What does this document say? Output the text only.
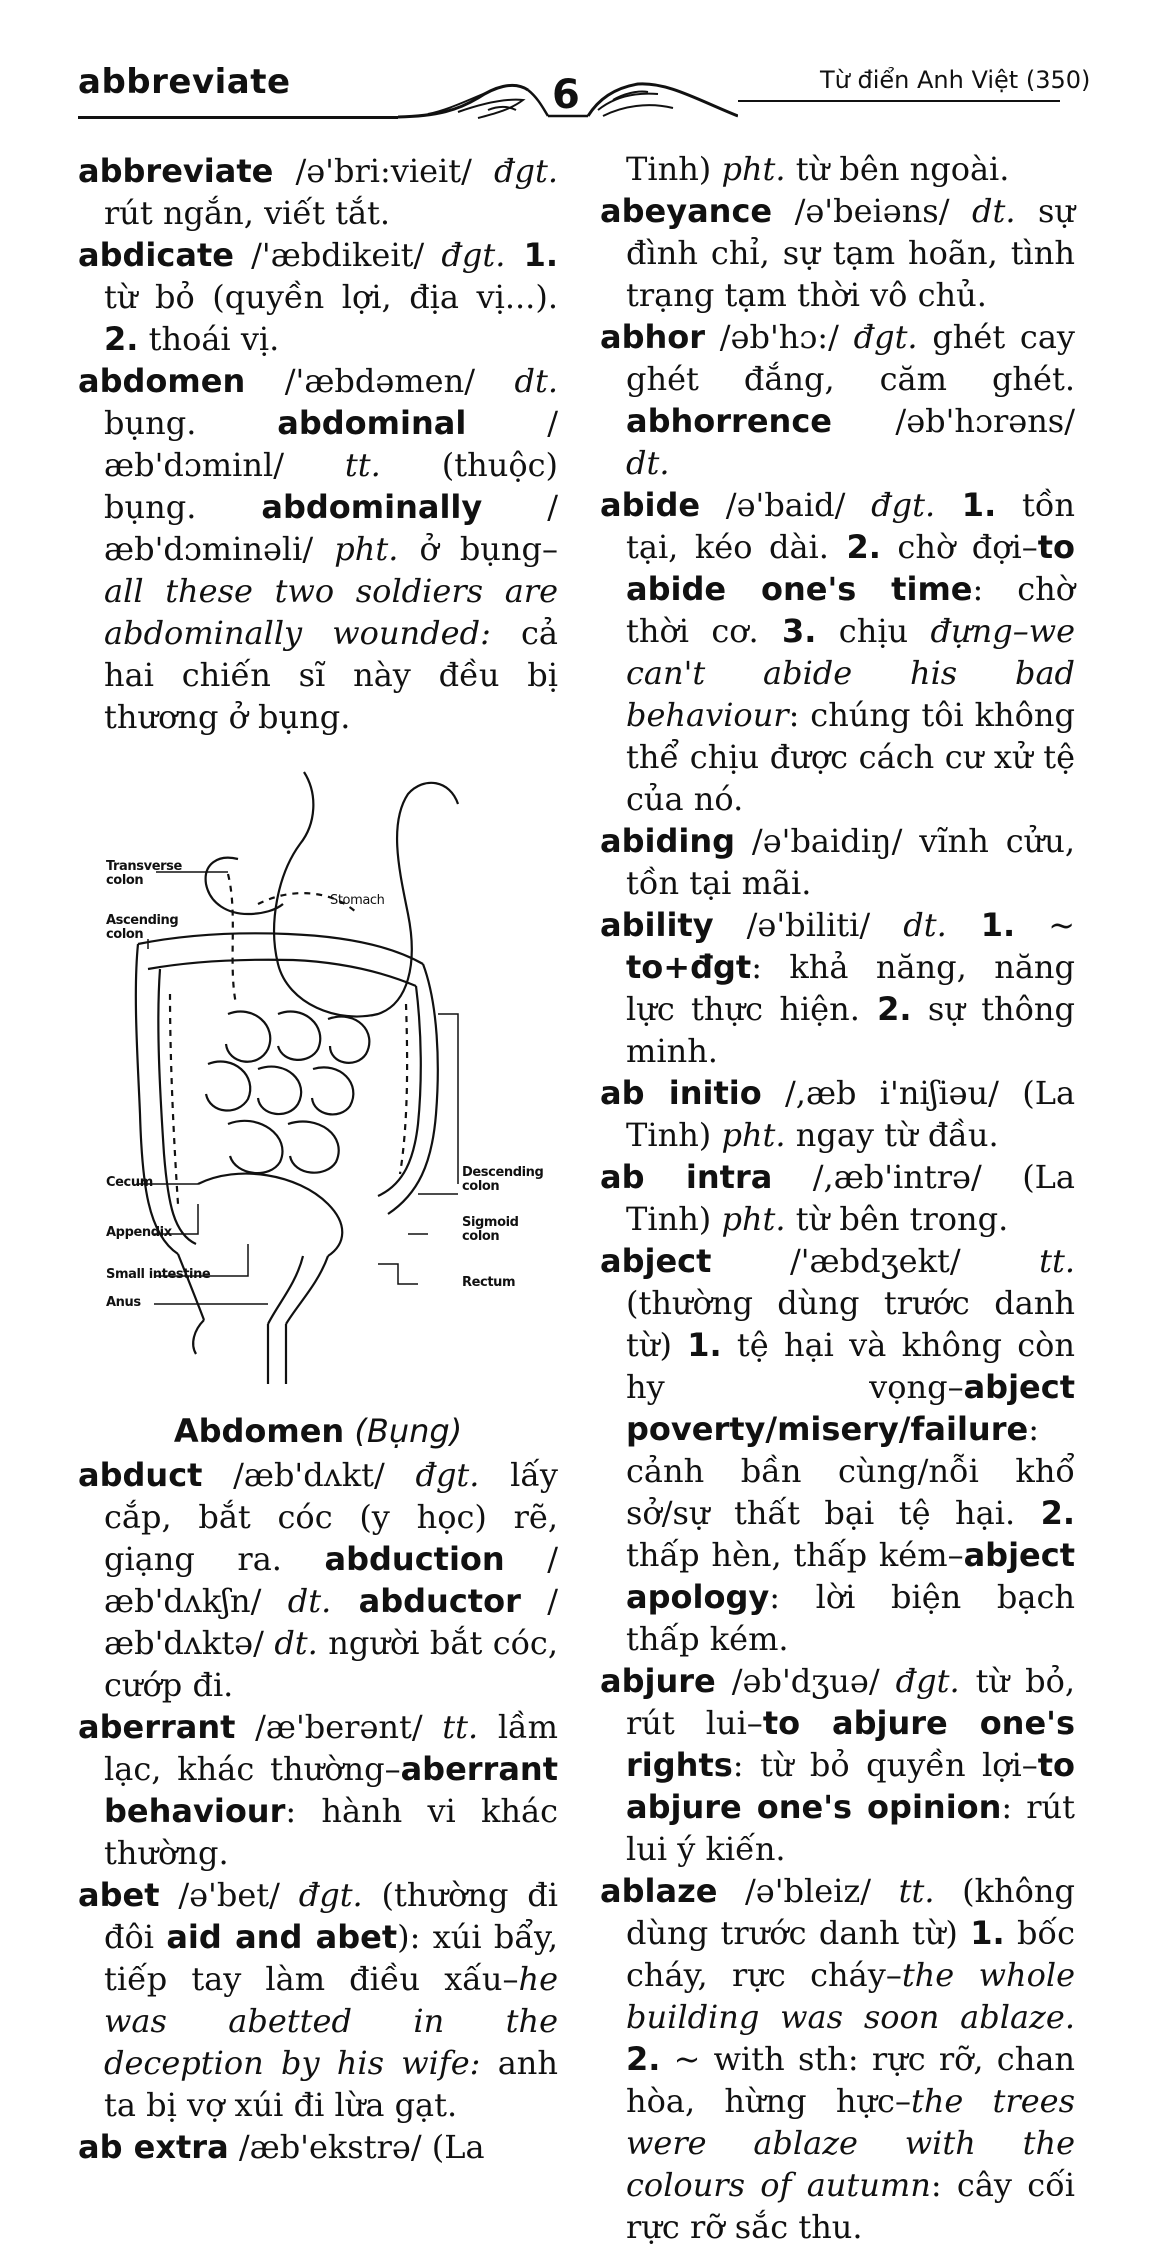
abbreviate	6	Từ điển Anh Việt (350)

abbreviate /ə'bri:vieit/ đgt. rút ngắn, viết tắt.

abdicate /'æbdikeit/ đgt. 1. từ bỏ (quyền lợi, địa vị...). 2. thoái vị.

abdomen /'æbdəmen/ dt. bụng. abdominal /æb'dɔminl/ tt. (thuộc) bụng. abdominally /æb'dɔminəli/ pht. ở bụng–all these two soldiers are abdominally wounded: cả hai chiến sĩ này đều bị thương ở bụng.

Transverse colon
Ascending colon
Stomach
Descending colon
Cecum
Sigmoid colon
Appendix
Rectum
Small intestine
Anus
Abdomen (Bụng)

abduct /æb'dʌkt/ đgt. lấy cắp, bắt cóc (y học) rẽ, giạng ra. abduction /æb'dʌkʃn/ dt. abductor /æb'dʌktə/ dt. người bắt cóc, cướp đi.

aberrant /æ'berənt/ tt. lầm lạc, khác thường–aberrant behaviour: hành vi khác thường.

abet /ə'bet/ đgt. (thường đi đôi aid and abet): xúi bẩy, tiếp tay làm điều xấu–he was abetted in the deception by his wife: anh ta bị vợ xúi đi lừa gạt.

ab extra /æb'ekstrə/ (La

Tinh) pht. từ bên ngoài.

abeyance /ə'beiəns/ dt. sự đình chỉ, sự tạm hoãn, tình trạng tạm thời vô chủ.

abhor /əb'hɔ:/ đgt. ghét cay ghét đắng, căm ghét. abhorrence /əb'hɔrəns/ dt.

abide /ə'baid/ đgt. 1. tồn tại, kéo dài. 2. chờ đợi–to abide one's time: chờ thời cơ. 3. chịu đựng–we can't abide his bad behaviour: chúng tôi không thể chịu được cách cư xử tệ của nó.

abiding /ə'baidiŋ/ vĩnh cửu, tồn tại mãi.

ability /ə'biliti/ dt. 1. ~ to+đgt: khả năng, năng lực thực hiện. 2. sự thông minh.

ab initio /,æb i'niʃiəu/ (La Tinh) pht. ngay từ đầu.

ab intra /,æb'intrə/ (La Tinh) pht. từ bên trong.

abject /'æbdʒekt/ tt. (thường dùng trước danh từ) 1. tệ hại và không còn hy vọng–abject poverty/misery/failure: cảnh bần cùng/nỗi khổ sở/sự thất bại tệ hại. 2. thấp hèn, thấp kém–abject apology: lời biện bạch thấp kém.

abjure /əb'dʒuə/ đgt. từ bỏ, rút lui–to abjure one's rights: từ bỏ quyền lợi–to abjure one's opinion: rút lui ý kiến.

ablaze /ə'bleiz/ tt. (không dùng trước danh từ) 1. bốc cháy, rực cháy–the whole building was soon ablaze. 2. ~ with sth: rực rỡ, chan hòa, hừng hực–the trees were ablaze with the colours of autumn: cây cối rực rỡ sắc thu.
